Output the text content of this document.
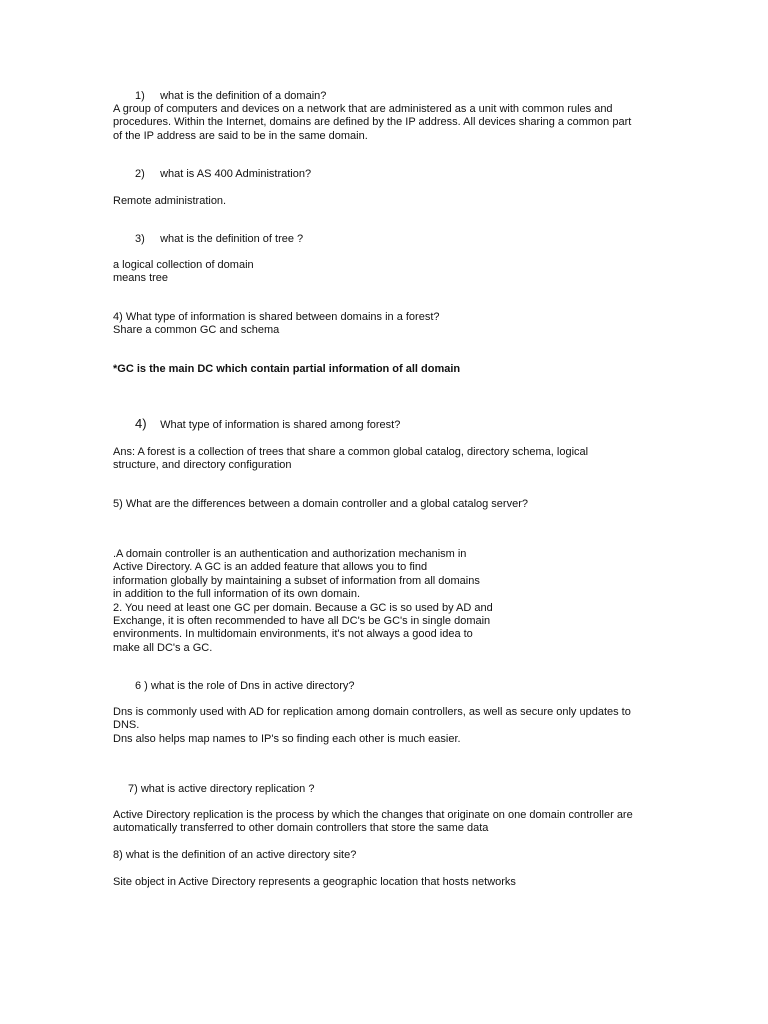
1) what is the definition of a domain?
A group of computers and devices on a network that are administered as a unit with common rules and
procedures. Within the Internet, domains are defined by the IP address. All devices sharing a common part
of the IP address are said to be in the same domain.
2) what is AS 400 Administration?
Remote administration.
3) what is the definition of tree ?
a logical collection of domain
means tree
4) What type of information is shared between domains in a forest?
Share a common GC and schema
*GC is the main DC which contain partial information of all domain
4) What type of information is shared among forest?
Ans: A forest is a collection of trees that share a common global catalog, directory schema, logical
structure, and directory configuration
5) What are the differences between a domain controller and a global catalog server?
.A domain controller is an authentication and authorization mechanism in
Active Directory. A GC is an added feature that allows you to find
information globally by maintaining a subset of information from all domains
in addition to the full information of its own domain.
2. You need at least one GC per domain. Because a GC is so used by AD and
Exchange, it is often recommended to have all DC's be GC's in single domain
environments. In multidomain environments, it's not always a good idea to
make all DC's a GC.
6 ) what is the role of Dns in active directory?
Dns is commonly used with AD for replication among domain controllers, as well as secure only updates to
DNS.
Dns also helps map names to IP's so finding each other is much easier.
7) what is active directory replication ?
Active Directory replication is the process by which the changes that originate on one domain controller are
automatically transferred to other domain controllers that store the same data
8) what is the definition of an active directory site?
Site object in Active Directory represents a geographic location that hosts networks
